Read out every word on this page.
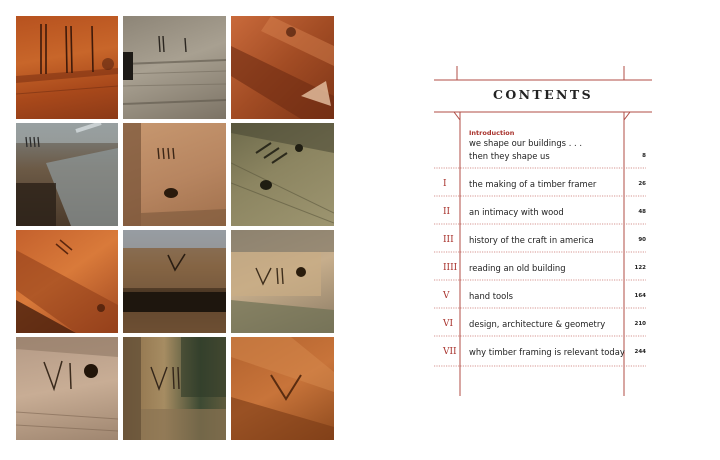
CONTENTS
Introduction
we shape our buildings . . .
then they shape us	8
I	the making of a timber framer	26
II an intimacy with wood	48
III history of the craft in america	90
IIII reading an old building	122
V hand tools	164
VI design, architecture & geometry	210
VII why timber framing is relevant today 244
